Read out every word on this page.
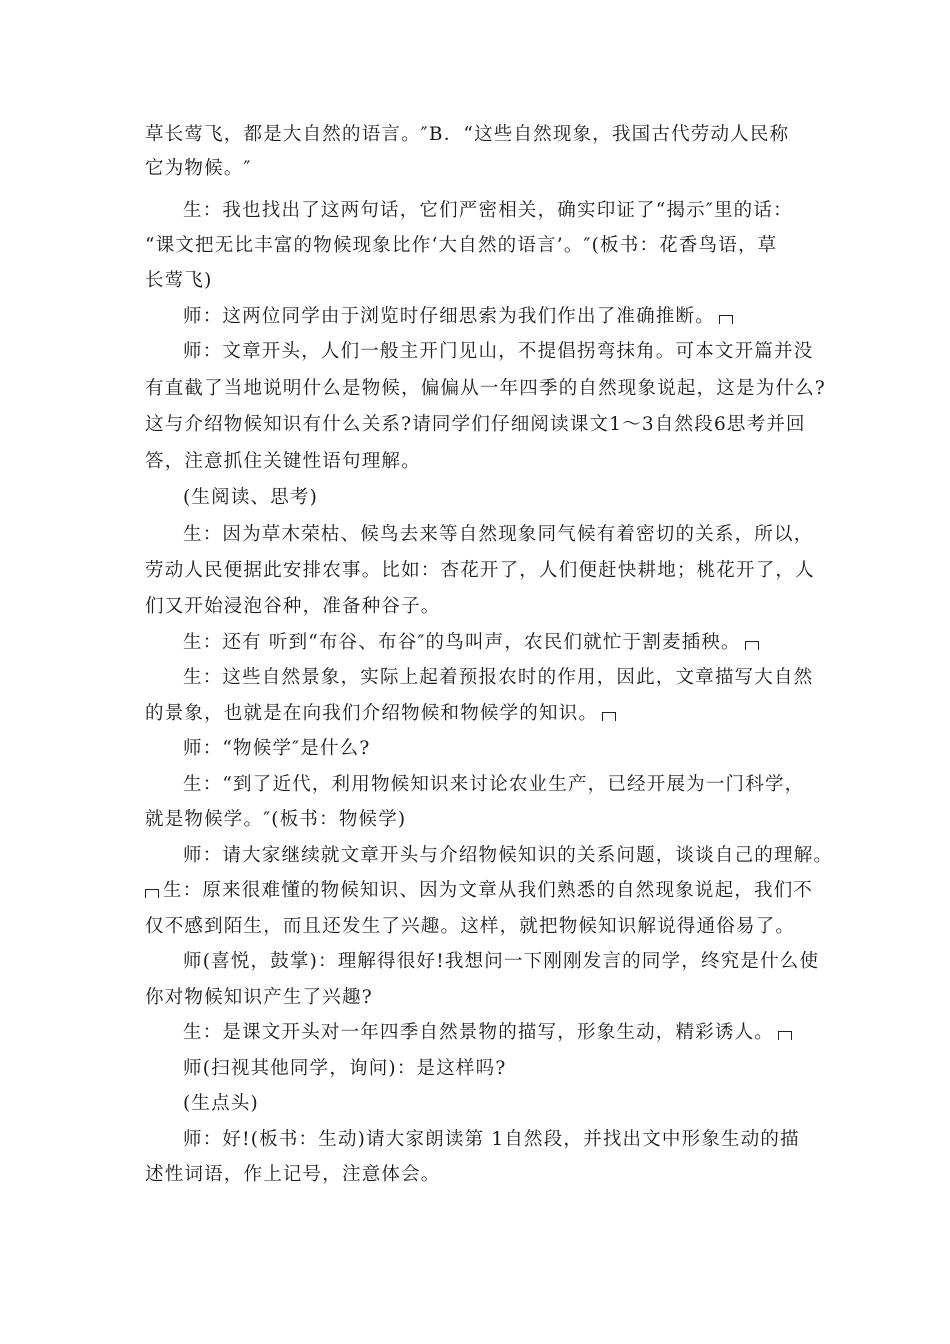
草长莺飞，都是大自然的语言。″B．“这些自然现象，我国古代劳动人民称
它为物候。″
生：我也找出了这两句话，它们严密相关，确实印证了“揭示″里的话：
“课文把无比丰富的物候现象比作‘大自然的语言’。″(板书：花香鸟语，草
长莺飞)
师：这两位同学由于浏览时仔细思索为我们作出了准确推断。
师：文章开头，人们一般主开门见山，不提倡拐弯抹角。可本文开篇并没
有直截了当地说明什么是物候，偏偏从一年四季的自然现象说起，这是为什么?
这与介绍物候知识有什么关系?请同学们仔细阅读课文1～3自然段6思考并回
答，注意抓住关键性语句理解。
(生阅读、思考)
生：因为草木荣枯、候鸟去来等自然现象同气候有着密切的关系，所以，
劳动人民便据此安排农事。比如：杏花开了，人们便赶快耕地；桃花开了，人
们又开始浸泡谷种，准备种谷子。
生：还有 听到“布谷、布谷″的鸟叫声，农民们就忙于割麦插秧。
生：这些自然景象，实际上起着预报农时的作用，因此，文章描写大自然
的景象，也就是在向我们介绍物候和物候学的知识。
师：“物候学″是什么?
生：“到了近代，利用物候知识来讨论农业生产，已经开展为一门科学，
就是物候学。″(板书：物候学)
师：请大家继续就文章开头与介绍物候知识的关系问题，谈谈自己的理解。
生：原来很难懂的物候知识、因为文章从我们熟悉的自然现象说起，我们不
仅不感到陌生，而且还发生了兴趣。这样，就把物候知识解说得通俗易了。
师(喜悦，鼓掌)：理解得很好!我想问一下刚刚发言的同学，终究是什么使
你对物候知识产生了兴趣?
生：是课文开头对一年四季自然景物的描写，形象生动，精彩诱人。
师(扫视其他同学，询问)：是这样吗?
(生点头)
师：好!(板书：生动)请大家朗读第 1自然段，并找出文中形象生动的描
述性词语，作上记号，注意体会。
